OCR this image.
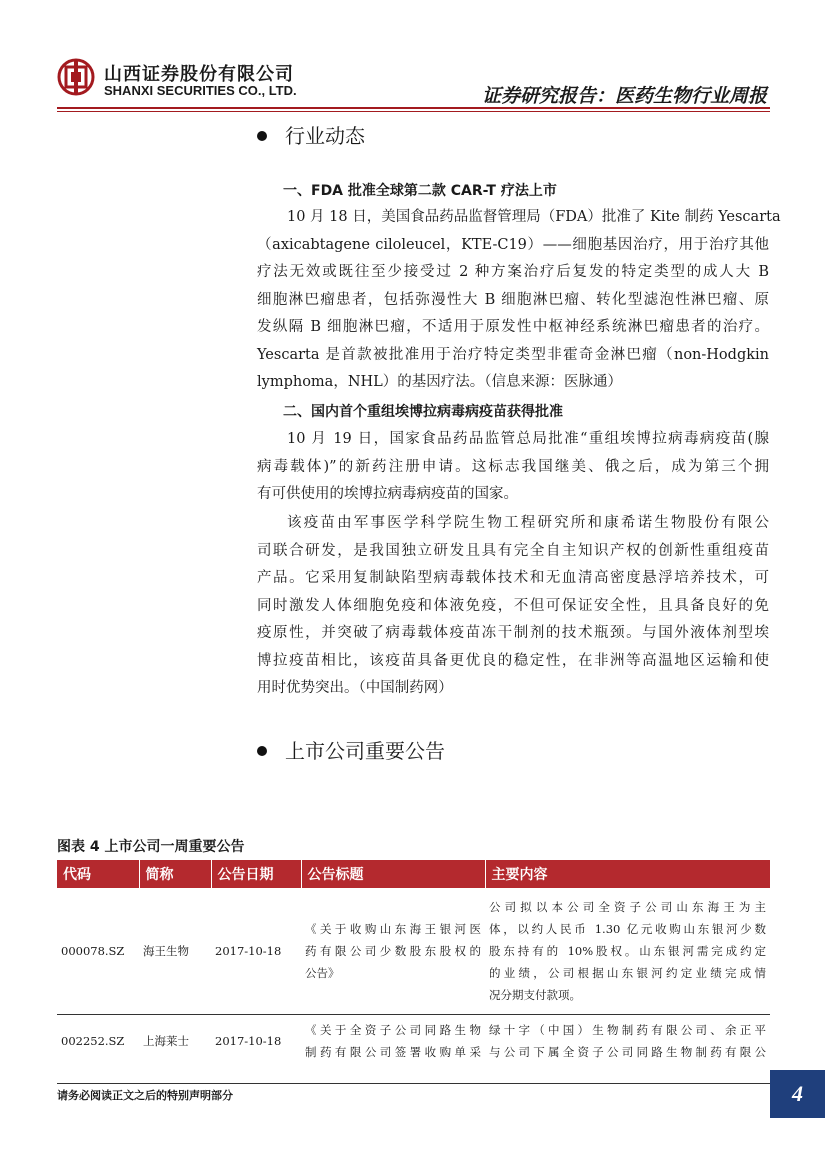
山西证券股份有限公司
SHANXI SECURITIES CO., LTD.	证券研究报告：医药生物行业周报
行业动态
一、FDA 批准全球第二款 CAR-T 疗法上市
10 月 18 日，美国食品药品监督管理局（FDA）批准了 Kite 制药 Yescarta
（axicabtagene ciloleucel，KTE-C19）——细胞基因治疗，用于治疗其他
疗法无效或既往至少接受过 2 种方案治疗后复发的特定类型的成人大 B
细胞淋巴瘤患者，包括弥漫性大 B 细胞淋巴瘤、转化型滤泡性淋巴瘤、原
发纵隔 B 细胞淋巴瘤，不适用于原发性中枢神经系统淋巴瘤患者的治疗。
Yescarta 是首款被批准用于治疗特定类型非霍奇金淋巴瘤（non-Hodgkin
lymphoma，NHL）的基因疗法。（信息来源：医脉通）
二、国内首个重组埃博拉病毒病疫苗获得批准
10 月 19 日，国家食品药品监管总局批准“重组埃博拉病毒病疫苗(腺
病毒载体)”的新药注册申请。这标志我国继美、俄之后，成为第三个拥
有可供使用的埃博拉病毒病疫苗的国家。
该疫苗由军事医学科学院生物工程研究所和康希诺生物股份有限公
司联合研发，是我国独立研发且具有完全自主知识产权的创新性重组疫苗
产品。它采用复制缺陷型病毒载体技术和无血清高密度悬浮培养技术，可
同时激发人体细胞免疫和体液免疫，不但可保证安全性，且具备良好的免
疫原性，并突破了病毒载体疫苗冻干制剂的技术瓶颈。与国外液体剂型埃
博拉疫苗相比，该疫苗具备更优良的稳定性，在非洲等高温地区运输和使
用时优势突出。（中国制药网）
上市公司重要公告
图表 4 上市公司一周重要公告
代码	简称	公告日期	公告标题	主要内容
000078.SZ	海王生物	2017-10-18	《关于收购山东海王银河医
药有限公司少数股东股权的
公告》	公司拟以本公司全资子公司山东海王为主
体，以约人民币 1.30 亿元收购山东银河少数
股东持有的 10%股权。山东银河需完成约定
的业绩，公司根据山东银河约定业绩完成情
况分期支付款项。

002252.SZ	上海莱士	2017-10-18	《关于全资子公司同路生物
制药有限公司签署收购单采	绿十字（中国）生物制药有限公司、余正平
与公司下属全资子公司同路生物制药有限公
请务必阅读正文之后的特别声明部分	4
